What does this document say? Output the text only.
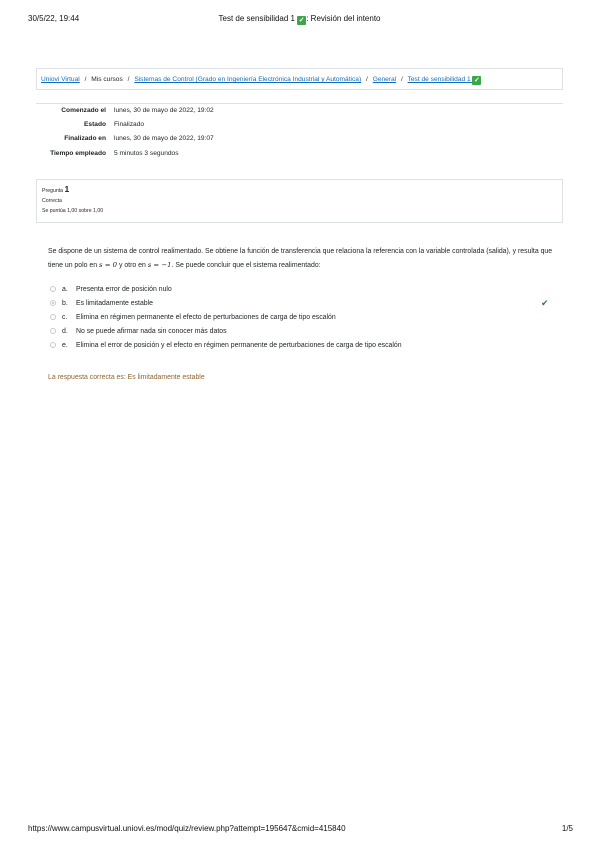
30/5/22, 19:44	Test de sensibilidad 1 ✓ : Revisión del intento
Uniovi Virtual / Mis cursos / Sistemas de Control (Grado en Ingeniería Electrónica Industrial y Automática) / General / Test de sensibilidad 1 ✓
Comenzado el	lunes, 30 de mayo de 2022, 19:02
Estado	Finalizado
Finalizado en	lunes, 30 de mayo de 2022, 19:07
Tiempo empleado	5 minutos 3 segundos
Pregunta 1
Correcta
Se puntúa 1,00 sobre 1,00
Se dispone de un sistema de control realimentado. Se obtiene la función de transferencia que relaciona la referencia con la variable controlada (salida), y resulta que tiene un polo en s = 0 y otro en s = −1. Se puede concluir que el sistema realimentado:
a.	Presenta error de posición nulo
b.	Es limitadamente estable	✔
c.	Elimina en régimen permanente el efecto de perturbaciones de carga de tipo escalón
d.	No se puede afirmar nada sin conocer más datos
e.	Elimina el error de posición y el efecto en régimen permanente de perturbaciones de carga de tipo escalón
La respuesta correcta es: Es limitadamente estable
https://www.campusvirtual.uniovi.es/mod/quiz/review.php?attempt=195647&cmid=415840	1/5
